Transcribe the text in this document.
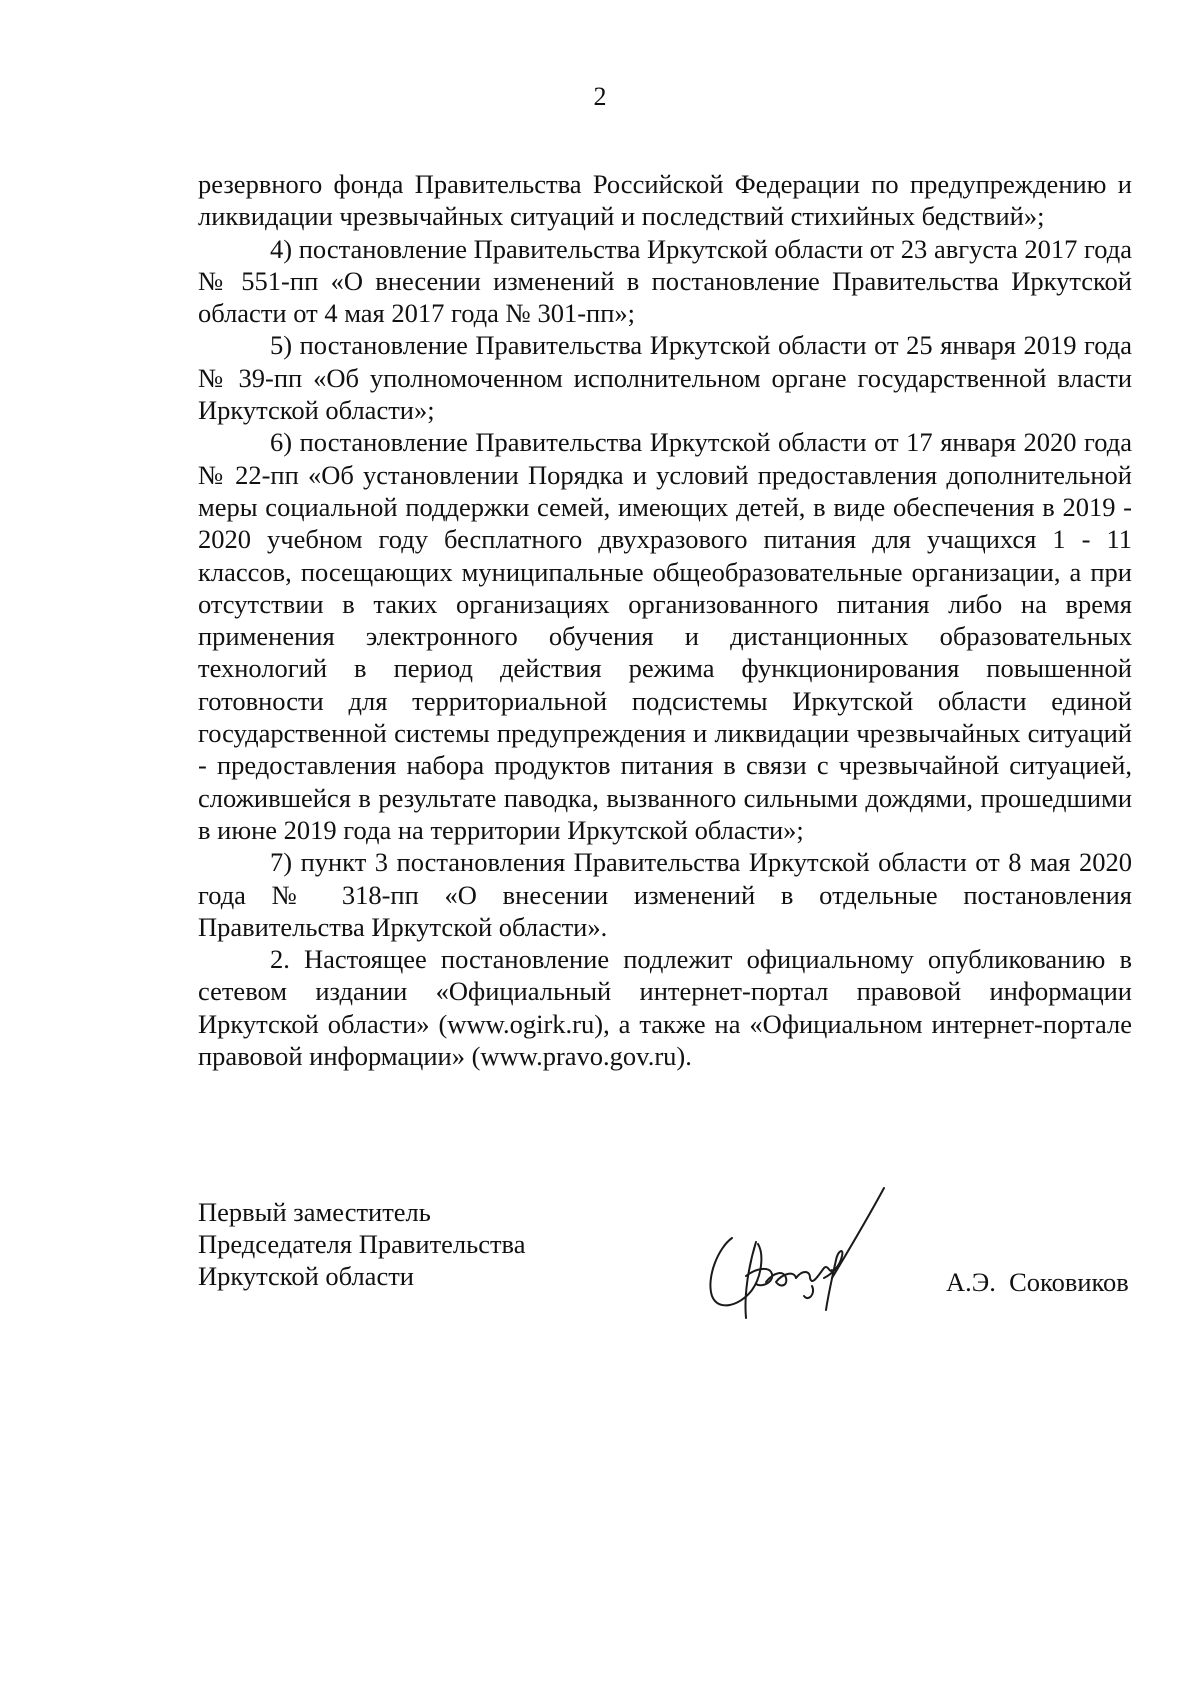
2

резервного фонда Правительства Российской Федерации по предупреждению и ликвидации чрезвычайных ситуаций и последствий стихийных бедствий»;

4) постановление Правительства Иркутской области от 23 августа 2017 года № 551-пп «О внесении изменений в постановление Правительства Иркутской области от 4 мая 2017 года № 301-пп»;

5) постановление Правительства Иркутской области от 25 января 2019 года № 39-пп «Об уполномоченном исполнительном органе государственной власти Иркутской области»;

6) постановление Правительства Иркутской области от 17 января 2020 года № 22-пп «Об установлении Порядка и условий предоставления дополнительной меры социальной поддержки семей, имеющих детей, в виде обеспечения в 2019 - 2020 учебном году бесплатного двухразового питания для учащихся 1 - 11 классов, посещающих муниципальные общеобразовательные организации, а при отсутствии в таких организациях организованного питания либо на время применения электронного обучения и дистанционных образовательных технологий в период действия режима функционирования повышенной готовности для территориальной подсистемы Иркутской области единой государственной системы предупреждения и ликвидации чрезвычайных ситуаций - предоставления набора продуктов питания в связи с чрезвычайной ситуацией, сложившейся в результате паводка, вызванного сильными дождями, прошедшими в июне 2019 года на территории Иркутской области»;

7) пункт 3 постановления Правительства Иркутской области от 8 мая 2020 года № 318-пп «О внесении изменений в отдельные постановления Правительства Иркутской области».

2. Настоящее постановление подлежит официальному опубликованию в сетевом издании «Официальный интернет-портал правовой информации Иркутской области» (www.ogirk.ru), а также на «Официальном интернет-портале правовой информации» (www.pravo.gov.ru).

Первый заместитель
Председателя Правительства
Иркутской области	А.Э.  Соковиков
